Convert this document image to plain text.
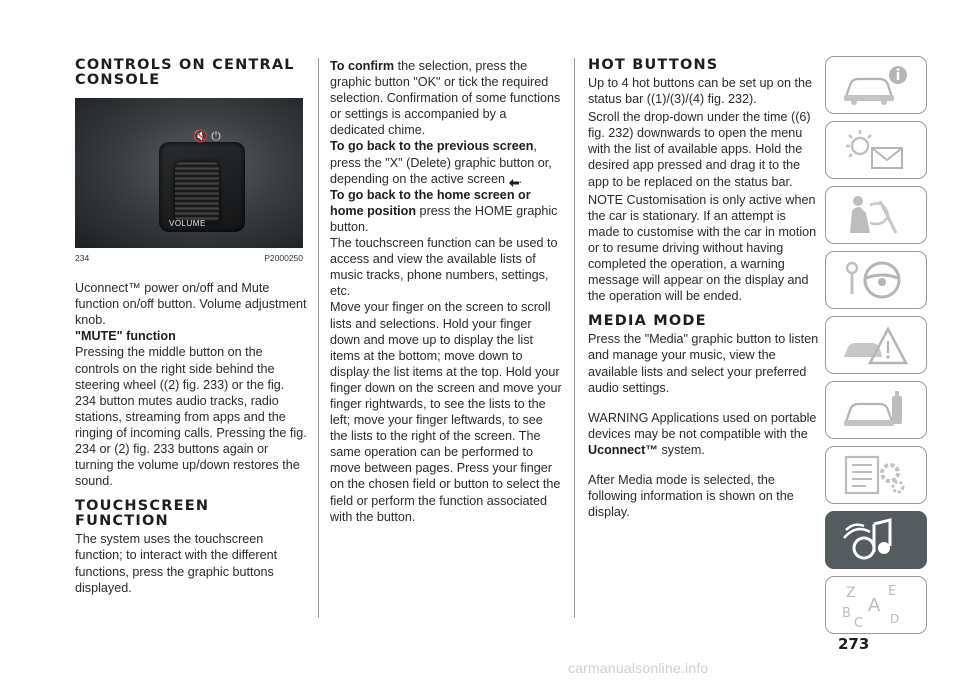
CONTROLS ON CENTRAL CONSOLE
🔇 ⏻
VOLUME
234	P2000250

Uconnect™ power on/off and Mute function on/off button. Volume adjustment knob.

"MUTE" function

Pressing the middle button on the controls on the right side behind the steering wheel ((2) fig. 233) or the fig. 234 button mutes audio tracks, radio stations, streaming from apps and the ringing of incoming calls. Pressing the fig. 234 or (2) fig. 233 buttons again or turning the volume up/down restores the sound.

TOUCHSCREEN FUNCTION

The system uses the touchscreen function; to interact with the different functions, press the graphic buttons displayed.

To confirm the selection, press the graphic button "OK" or tick the required selection. Confirmation of some functions or settings is accompanied by a dedicated chime.

To go back to the previous screen, press the "X" (Delete) graphic button or, depending on the active screen .

To go back to the home screen or home position press the HOME graphic button.

The touchscreen function can be used to access and view the available lists of music tracks, phone numbers, settings, etc.

Move your finger on the screen to scroll lists and selections. Hold your finger down and move up to display the list items at the bottom; move down to display the list items at the top. Hold your finger down on the screen and move your finger rightwards, to see the lists to the left; move your finger leftwards, to see the lists to the right of the screen. The same operation can be performed to move between pages. Press your finger on the chosen field or button to select the field or perform the function associated with the button.

HOT BUTTONS

Up to 4 hot buttons can be set up on the status bar ((1)/(3)/(4) fig. 232).

Scroll the drop-down under the time ((6) fig. 232) downwards to open the menu with the list of available apps. Hold the desired app pressed and drag it to the app to be replaced on the status bar.

NOTE Customisation is only active when the car is stationary. If an attempt is made to customise with the car in motion or to resume driving without having completed the operation, a warning message will appear on the display and the operation will be ended.

MEDIA MODE

Press the "Media" graphic button to listen and manage your music, view the available lists and select your preferred audio settings.

WARNING Applications used on portable devices may be not compatible with the Uconnect™ system.

After Media mode is selected, the following information is shown on the display.

Z E
A
B
C D
273
carmanualsonline.info
